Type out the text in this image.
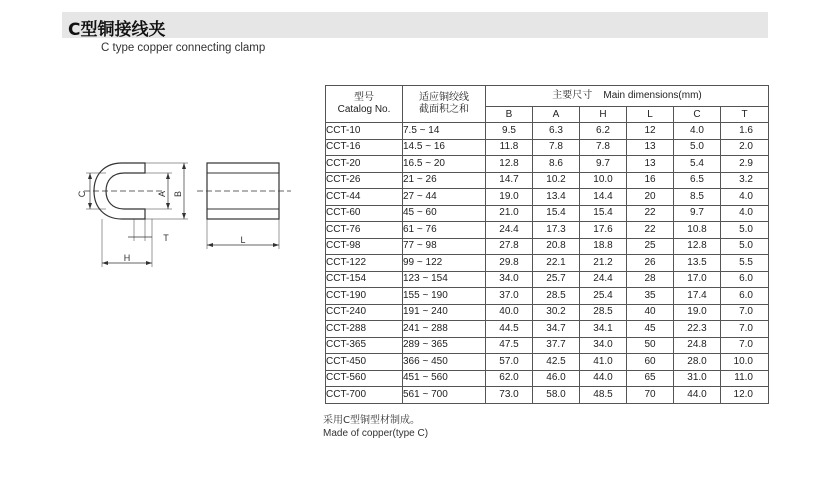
C型铜接线夹
C type copper connecting clamp
C	A B
T
H
L
型号
Catalog No.	适应铜绞线
截面积之和	主要尺寸    Main dimensions(mm)					
		B	A	H	L	C	T
CCT-10	7.5 ~ 14	9.5	6.3	6.2	12	4.0	1.6
CCT-16	14.5 ~ 16	11.8	7.8	7.8	13	5.0	2.0
CCT-20	16.5 ~ 20	12.8	8.6	9.7	13	5.4	2.9
CCT-26	21 ~ 26	14.7	10.2	10.0	16	6.5	3.2
CCT-44	27 ~ 44	19.0	13.4	14.4	20	8.5	4.0
CCT-60	45 ~ 60	21.0	15.4	15.4	22	9.7	4.0
CCT-76	61 ~ 76	24.4	17.3	17.6	22	10.8	5.0
CCT-98	77 ~ 98	27.8	20.8	18.8	25	12.8	5.0
CCT-122	99 ~ 122	29.8	22.1	21.2	26	13.5	5.5
CCT-154	123 ~ 154	34.0	25.7	24.4	28	17.0	6.0
CCT-190	155 ~ 190	37.0	28.5	25.4	35	17.4	6.0
CCT-240	191 ~ 240	40.0	30.2	28.5	40	19.0	7.0
CCT-288	241 ~ 288	44.5	34.7	34.1	45	22.3	7.0
CCT-365	289 ~ 365	47.5	37.7	34.0	50	24.8	7.0
CCT-450	366 ~ 450	57.0	42.5	41.0	60	28.0	10.0
CCT-560	451 ~ 560	62.0	46.0	44.0	65	31.0	11.0
CCT-700	561 ~ 700	73.0	58.0	48.5	70	44.0	12.0
采用C型铜型材制成。
Made of copper(type C)
